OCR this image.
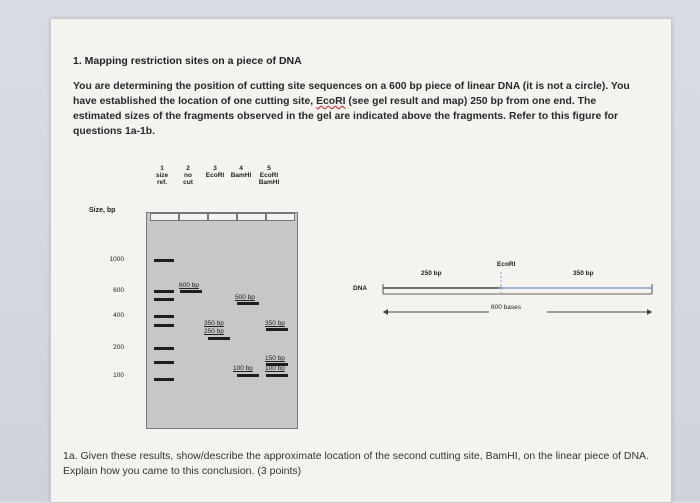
1. Mapping restriction sites on a piece of DNA
You are determining the position of cutting site sequences on a 600 bp piece of linear DNA (it is not a circle). You have established the location of one cutting site, EcoRI (see gel result and map) 250 bp from one end. The estimated sizes of the fragments observed in the gel are indicated above the fragments. Refer to this figure for questions 1a-1b.
Size, bp
1
size
ref.
2
no
cut
3
EcoRI
4
BamHI
5
EcoRI
BamHI
1000
600
400
200
100
600 bp
500 bp
350 bp
250 bp
350 bp
150 bp
100 bp 100 bp
250 bp
EcoRI
350 bp
DNA
600 bases
1a. Given these results, show/describe the approximate location of the second cutting site, BamHI, on the linear piece of DNA. Explain how you came to this conclusion. (3 points)
